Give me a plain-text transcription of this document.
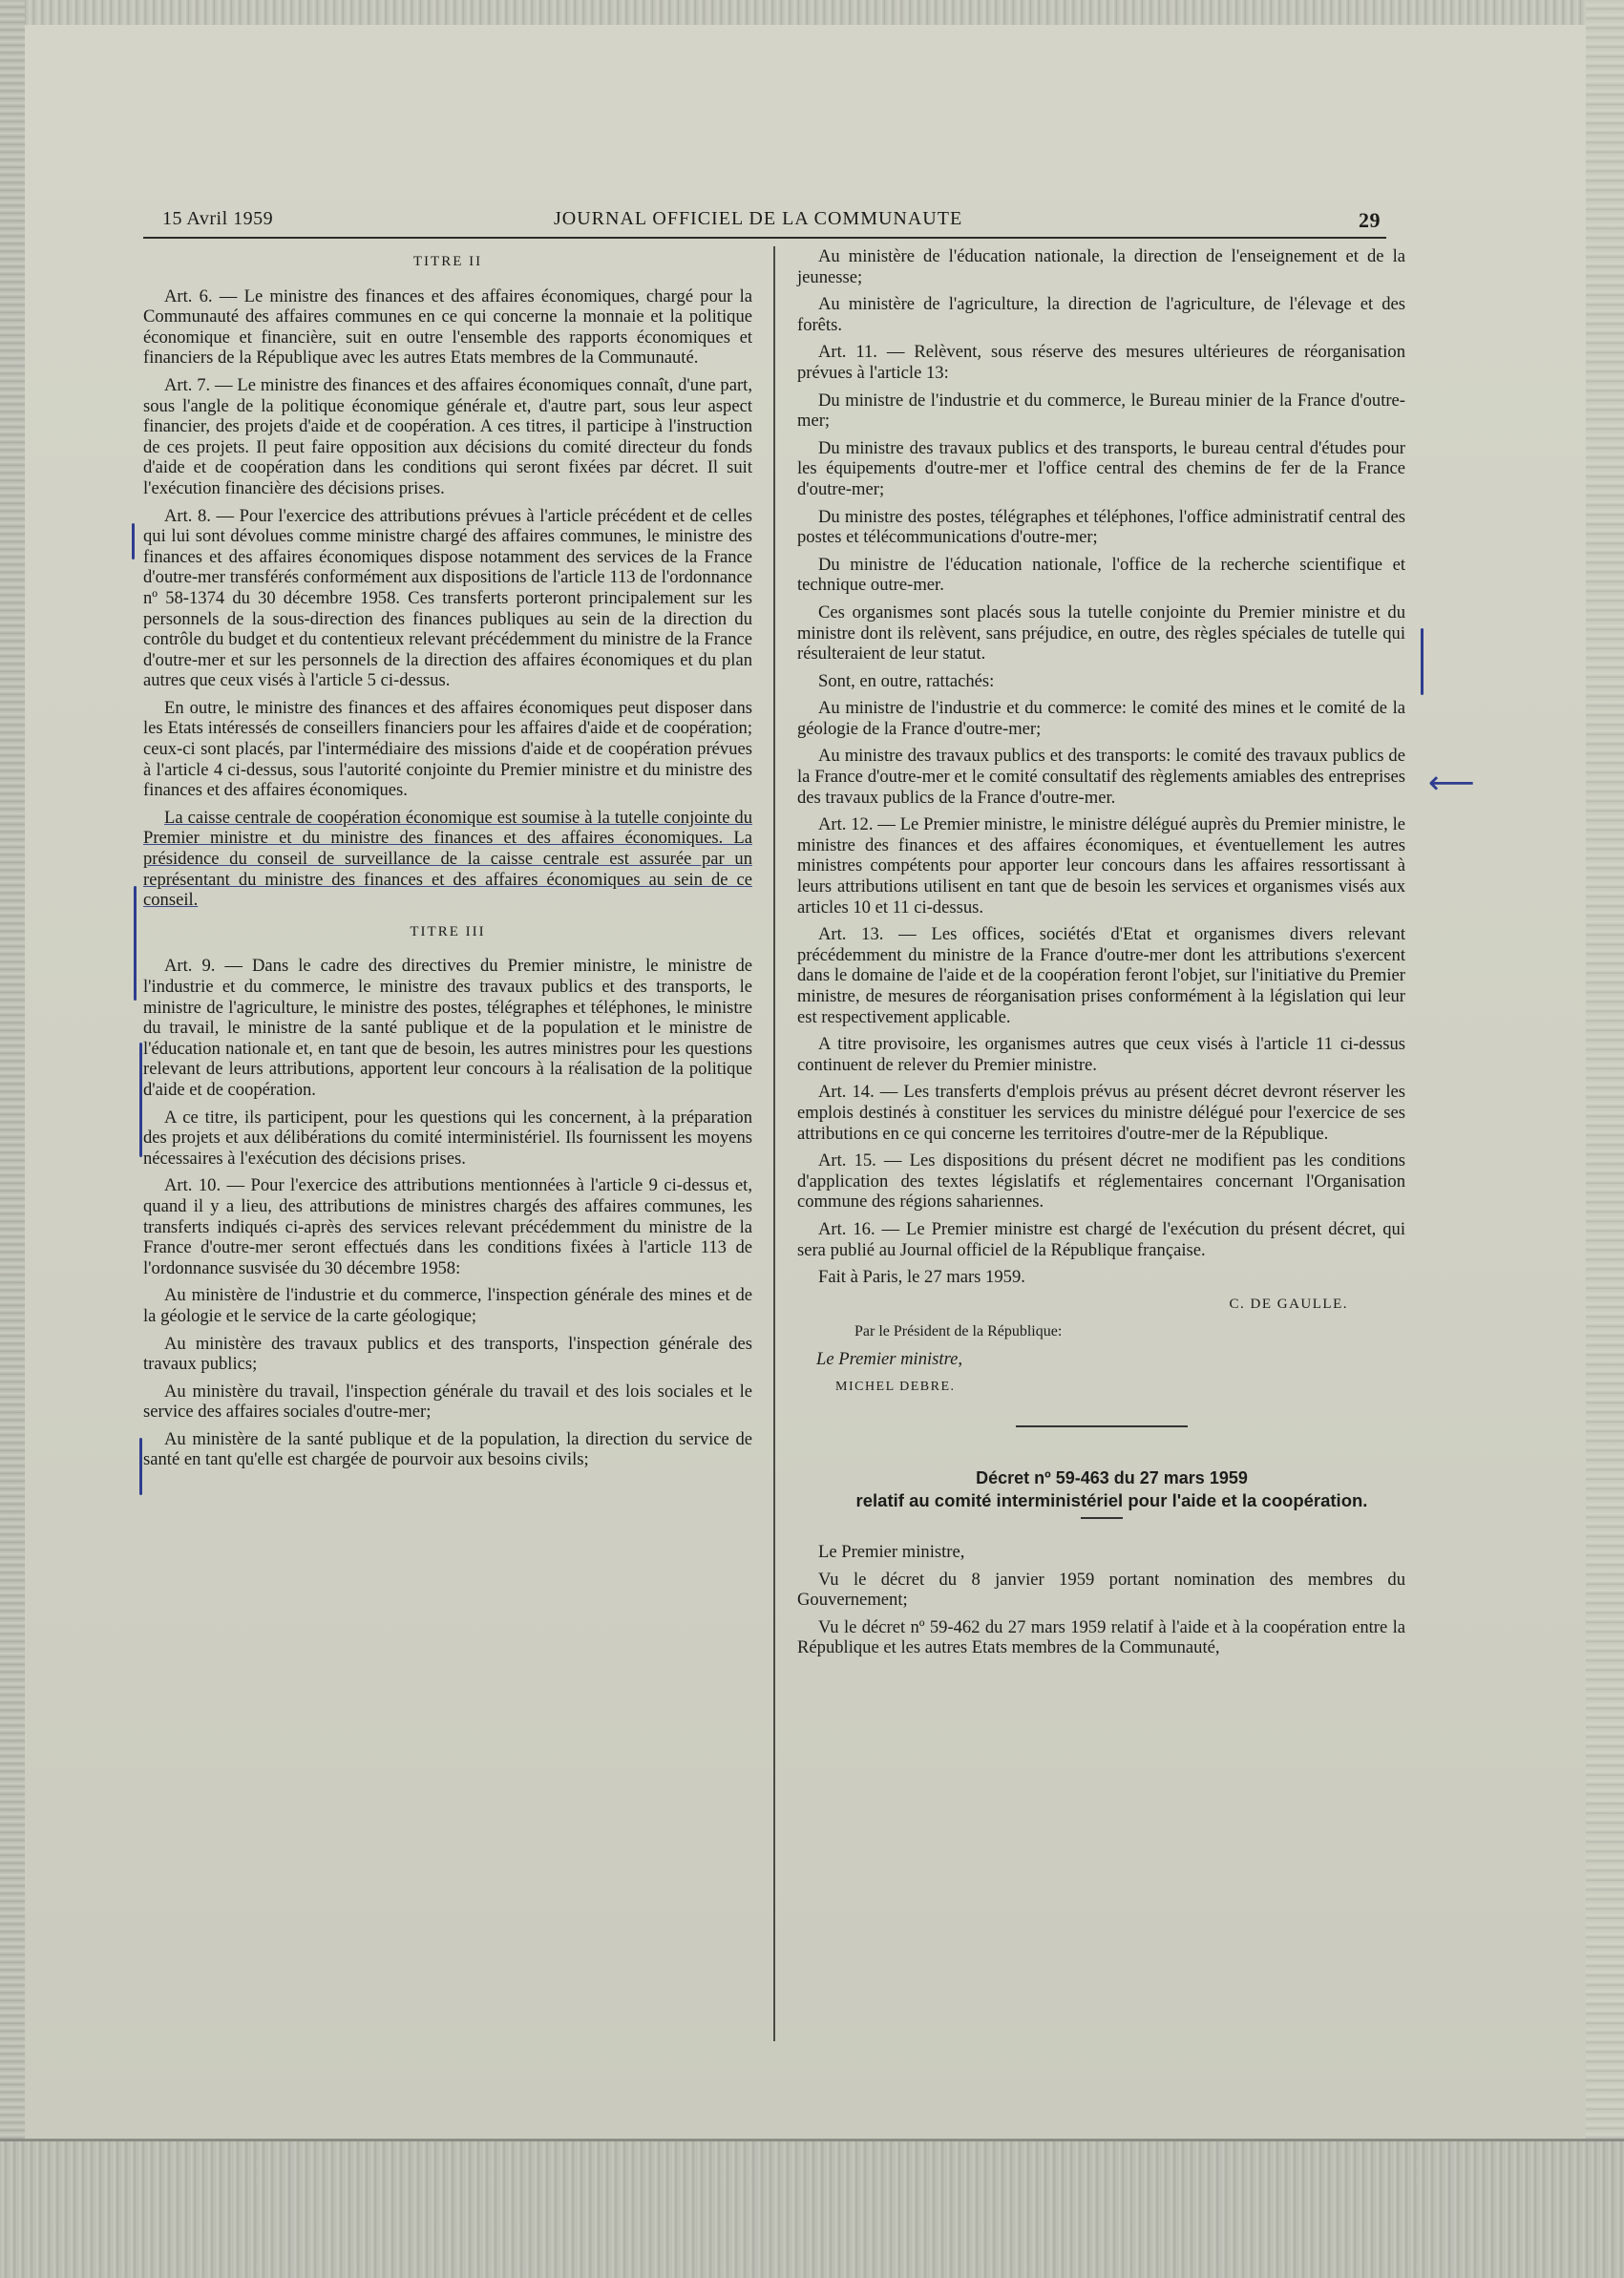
15 Avril 1959	JOURNAL OFFICIEL DE LA COMMUNAUTE	29

TITRE II

Art. 6. — Le ministre des finances et des affaires économiques, chargé pour la Communauté des affaires communes en ce qui concerne la monnaie et la politique économique et financière, suit en outre l'ensemble des rapports économiques et financiers de la République avec les autres Etats membres de la Communauté.

Art. 7. — Le ministre des finances et des affaires économiques connaît, d'une part, sous l'angle de la politique économique générale et, d'autre part, sous leur aspect financier, des projets d'aide et de coopération. A ces titres, il participe à l'instruction de ces projets. Il peut faire opposition aux décisions du comité directeur du fonds d'aide et de coopération dans les conditions qui seront fixées par décret. Il suit l'exécution financière des décisions prises.

Art. 8. — Pour l'exercice des attributions prévues à l'article précédent et de celles qui lui sont dévolues comme ministre chargé des affaires communes, le ministre des finances et des affaires économiques dispose notamment des services de la France d'outre-mer transférés conformément aux dispositions de l'article 113 de l'ordonnance nº 58-1374 du 30 décembre 1958. Ces transferts porteront principalement sur les personnels de la sous-direction des finances publiques au sein de la direction du contrôle du budget et du contentieux relevant précédemment du ministre de la France d'outre-mer et sur les personnels de la direction des affaires économiques et du plan autres que ceux visés à l'article 5 ci-dessus.

En outre, le ministre des finances et des affaires économiques peut disposer dans les Etats intéressés de conseillers financiers pour les affaires d'aide et de coopération; ceux-ci sont placés, par l'intermédiaire des missions d'aide et de coopération prévues à l'article 4 ci-dessus, sous l'autorité conjointe du Premier ministre et du ministre des finances et des affaires économiques.

La caisse centrale de coopération économique est soumise à la tutelle conjointe du Premier ministre et du ministre des finances et des affaires économiques. La présidence du conseil de surveillance de la caisse centrale est assurée par un représentant du ministre des finances et des affaires économiques au sein de ce conseil.

TITRE III

Art. 9. — Dans le cadre des directives du Premier ministre, le ministre de l'industrie et du commerce, le ministre des travaux publics et des transports, le ministre de l'agriculture, le ministre des postes, télégraphes et téléphones, le ministre du travail, le ministre de la santé publique et de la population et le ministre de l'éducation nationale et, en tant que de besoin, les autres ministres pour les questions relevant de leurs attributions, apportent leur concours à la réalisation de la politique d'aide et de coopération.

A ce titre, ils participent, pour les questions qui les concernent, à la préparation des projets et aux délibérations du comité interministériel. Ils fournissent les moyens nécessaires à l'exécution des décisions prises.

Art. 10. — Pour l'exercice des attributions mentionnées à l'article 9 ci-dessus et, quand il y a lieu, des attributions de ministres chargés des affaires communes, les transferts indiqués ci-après des services relevant précédemment du ministre de la France d'outre-mer seront effectués dans les conditions fixées à l'article 113 de l'ordonnance susvisée du 30 décembre 1958:

Au ministère de l'industrie et du commerce, l'inspection générale des mines et de la géologie et le service de la carte géologique;

Au ministère des travaux publics et des transports, l'inspection générale des travaux publics;

Au ministère du travail, l'inspection générale du travail et des lois sociales et le service des affaires sociales d'outre-mer;

Au ministère de la santé publique et de la population, la direction du service de santé en tant qu'elle est chargée de pourvoir aux besoins civils;

Au ministère de l'éducation nationale, la direction de l'enseignement et de la jeunesse;

Au ministère de l'agriculture, la direction de l'agriculture, de l'élevage et des forêts.

Art. 11. — Relèvent, sous réserve des mesures ultérieures de réorganisation prévues à l'article 13:

Du ministre de l'industrie et du commerce, le Bureau minier de la France d'outre-mer;

Du ministre des travaux publics et des transports, le bureau central d'études pour les équipements d'outre-mer et l'office central des chemins de fer de la France d'outre-mer;

Du ministre des postes, télégraphes et téléphones, l'office administratif central des postes et télécommunications d'outre-mer;

Du ministre de l'éducation nationale, l'office de la recherche scientifique et technique outre-mer.

Ces organismes sont placés sous la tutelle conjointe du Premier ministre et du ministre dont ils relèvent, sans préjudice, en outre, des règles spéciales de tutelle qui résulteraient de leur statut.

Sont, en outre, rattachés:

Au ministre de l'industrie et du commerce: le comité des mines et le comité de la géologie de la France d'outre-mer;

Au ministre des travaux publics et des transports: le comité des travaux publics de la France d'outre-mer et le comité consultatif des règlements amiables des entreprises des travaux publics de la France d'outre-mer.

Art. 12. — Le Premier ministre, le ministre délégué auprès du Premier ministre, le ministre des finances et des affaires économiques, et éventuellement les autres ministres compétents pour apporter leur concours dans les affaires ressortissant à leurs attributions utilisent en tant que de besoin les services et organismes visés aux articles 10 et 11 ci-dessus.

Art. 13. — Les offices, sociétés d'Etat et organismes divers relevant précédemment du ministre de la France d'outre-mer dont les attributions s'exercent dans le domaine de l'aide et de la coopération feront l'objet, sur l'initiative du Premier ministre, de mesures de réorganisation prises conformément à la législation qui leur est respectivement applicable.

A titre provisoire, les organismes autres que ceux visés à l'article 11 ci-dessus continuent de relever du Premier ministre.

Art. 14. — Les transferts d'emplois prévus au présent décret devront réserver les emplois destinés à constituer les services du ministre délégué pour l'exercice de ses attributions en ce qui concerne les territoires d'outre-mer de la République.

Art. 15. — Les dispositions du présent décret ne modifient pas les conditions d'application des textes législatifs et réglementaires concernant l'Organisation commune des régions sahariennes.

Art. 16. — Le Premier ministre est chargé de l'exécution du présent décret, qui sera publié au Journal officiel de la République française.

Fait à Paris, le 27 mars 1959.

C. DE GAULLE.

Par le Président de la République:

Le Premier ministre,

MICHEL DEBRE.

Décret nº 59-463 du 27 mars 1959

relatif au comité interministériel pour l'aide et la coopération.

Le Premier ministre,

Vu le décret du 8 janvier 1959 portant nomination des membres du Gouvernement;

Vu le décret nº 59-462 du 27 mars 1959 relatif à l'aide et à la coopération entre la République et les autres Etats membres de la Communauté,

⟵
